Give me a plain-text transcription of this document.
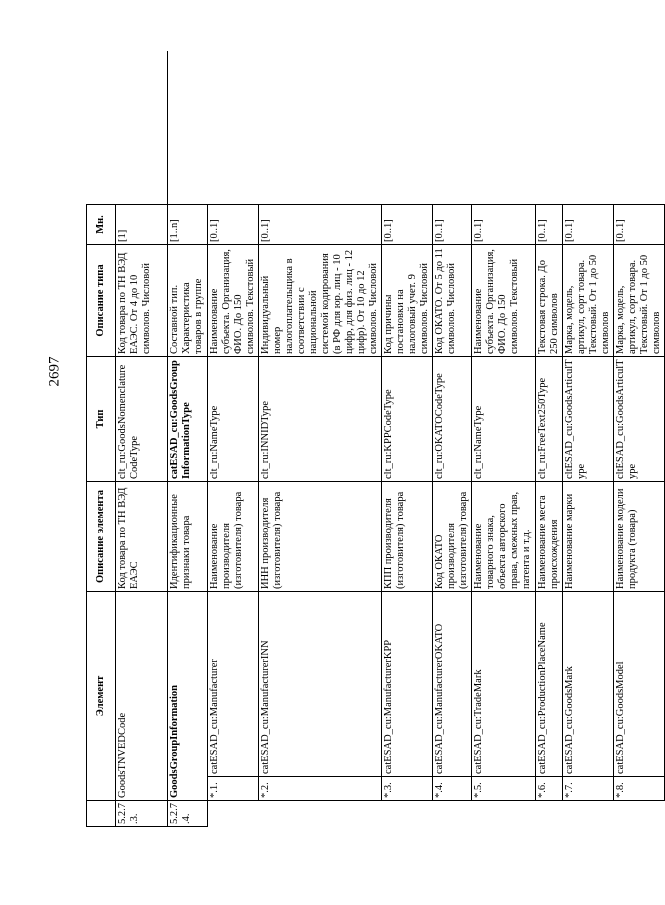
2697
	Элемент		Описание элемента	Тип	Описание типа	Мн.	
5.2.7.3.	GoodsTNVEDCode		Код товара по ТН ВЭД ЕАЭС	clt_ru:GoodsNomenclatureCodeType	Код товара по ТН ВЭД ЕАЭС. От 4 до 10 символов. Числовой	[1]	
5.2.7.4.	GoodsGroupInformation		Идентификационные признаки товара	catESAD_cu:GoodsGroupInformationType	Составной тип. Характеристика товаров в группе	[1..n]	
	*.1.	catESAD_cu:Manufacturer	Наименование производителя (изготовителя) товара	clt_ru:NameType	Наименование субъекта. Организация, ФИО. До 150 символов. Текстовый	[0..1]	
	*.2.	catESAD_cu:ManufacturerINN	ИНН производителя (изготовителя) товара	clt_ru:INNIDType	Индивидуальный номер налогоплательщика в соответствии с национальной системой кодирования (в РФ для юр. лиц - 10 цифр, для физ. лиц - 12 цифр). От 10 до 12 символов. Числовой	[0..1]	
	*.3.	catESAD_cu:ManufacturerKPP	КПП производителя (изготовителя) товара	clt_ru:KPPCodeType	Код причины постановки на налоговый учет. 9 символов. Числовой	[0..1]	
	*.4.	catESAD_cu:ManufacturerOKATO	Код ОКАТО производителя (изготовителя) товара	clt_ru:OKATOCodeType	Код ОКАТО. От 5 до 11 символов. Числовой	[0..1]	
	*.5.	catESAD_cu:TradeMark	Наименование товарного знака, объекта авторского права, смежных прав, патента и т.д.	clt_ru:NameType	Наименование субъекта. Организация, ФИО. До 150 символов. Текстовый	[0..1]	
	*.6.	catESAD_cu:ProductionPlaceName	Наименование места происхождения	clt_ru:FreeText250Type	Текстовая строка. До 250 символов	[0..1]	
	*.7.	catESAD_cu:GoodsMark	Наименование марки	cltESAD_cu:GoodsArticulType	Марка, модель, артикул, сорт товара. Текстовый. От 1 до 50 символов	[0..1]	
	*.8.	catESAD_cu:GoodsModel	Наименование модели продукта (товара)	cltESAD_cu:GoodsArticulType	Марка, модель, артикул, сорт товара. Текстовый. От 1 до 50 символов	[0..1]	
